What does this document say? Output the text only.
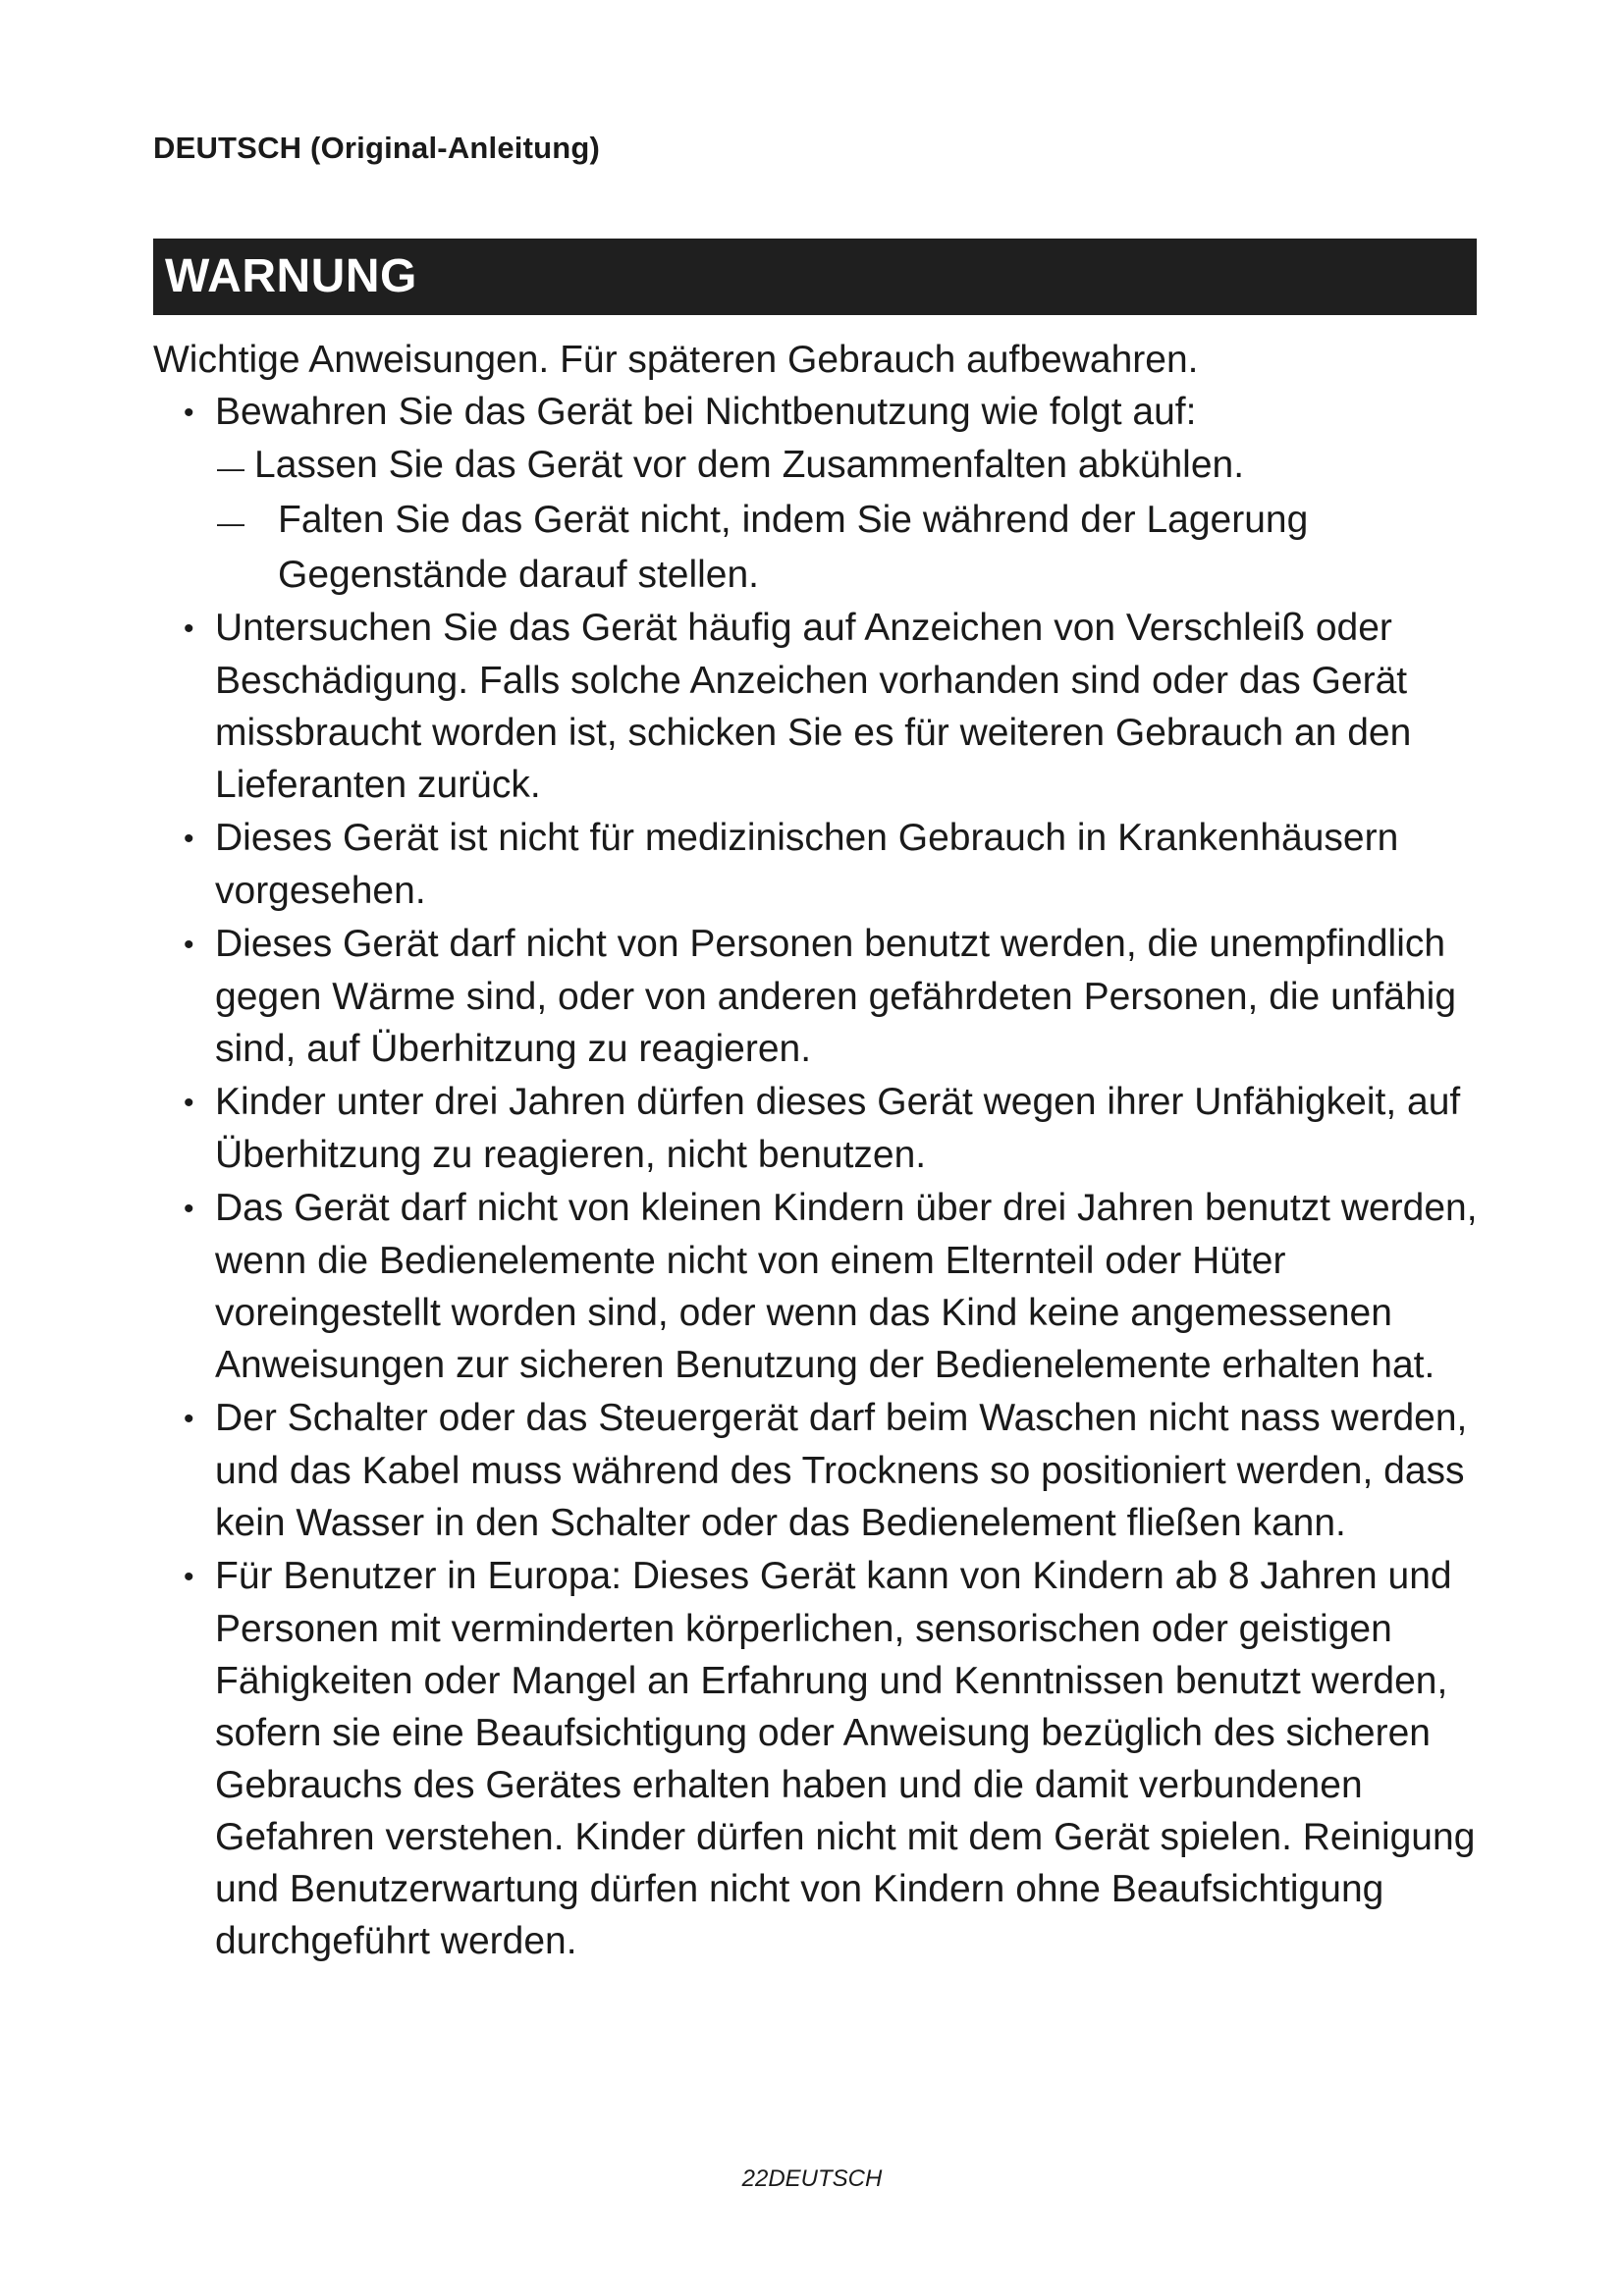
DEUTSCH (Original-Anleitung)
WARNUNG

Wichtige Anweisungen. Für späteren Gebrauch aufbewahren.

• Bewahren Sie das Gerät bei Nichtbenutzung wie folgt auf:
— Lassen Sie das Gerät vor dem Zusammenfalten abkühlen.
— Falten Sie das Gerät nicht, indem Sie während der Lagerung Gegenstände darauf stellen.
• Untersuchen Sie das Gerät häufig auf Anzeichen von Verschleiß oder Beschädigung. Falls solche Anzeichen vorhanden sind oder das Gerät missbraucht worden ist, schicken Sie es für weiteren Gebrauch an den Lieferanten zurück.
• Dieses Gerät ist nicht für medizinischen Gebrauch in Krankenhäusern vorgesehen.
• Dieses Gerät darf nicht von Personen benutzt werden, die unempfindlich gegen Wärme sind, oder von anderen gefährdeten Personen, die unfähig sind, auf Überhitzung zu reagieren.
• Kinder unter drei Jahren dürfen dieses Gerät wegen ihrer Unfähigkeit, auf Überhitzung zu reagieren, nicht benutzen.
• Das Gerät darf nicht von kleinen Kindern über drei Jahren benutzt werden, wenn die Bedienelemente nicht von einem Elternteil oder Hüter voreingestellt worden sind, oder wenn das Kind keine angemessenen Anweisungen zur sicheren Benutzung der Bedienelemente erhalten hat.
• Der Schalter oder das Steuergerät darf beim Waschen nicht nass werden, und das Kabel muss während des Trocknens so positioniert werden, dass kein Wasser in den Schalter oder das Bedienelement fließen kann.
• Für Benutzer in Europa: Dieses Gerät kann von Kindern ab 8 Jahren und Personen mit verminderten körperlichen, sensorischen oder geistigen Fähigkeiten oder Mangel an Erfahrung und Kenntnissen benutzt werden, sofern sie eine Beaufsichtigung oder Anweisung bezüglich des sicheren Gebrauchs des Gerätes erhalten haben und die damit verbundenen Gefahren verstehen. Kinder dürfen nicht mit dem Gerät spielen. Reinigung und Benutzerwartung dürfen nicht von Kindern ohne Beaufsichtigung durchgeführt werden.
22DEUTSCH
